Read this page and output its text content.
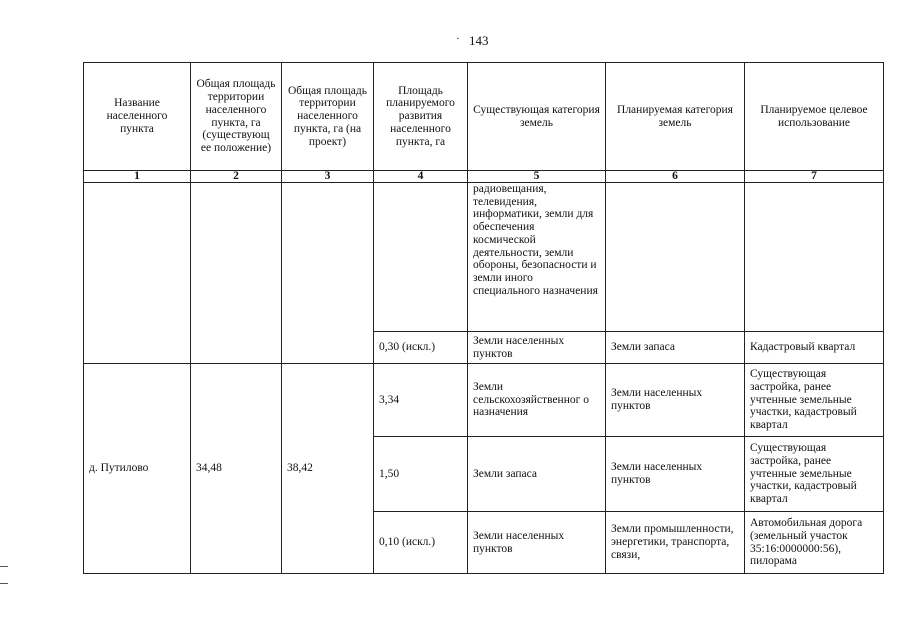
· 143
Название населенного пункта	Общая площадь территории населенного пункта, га (существующ ее положение)	Общая площадь территории населенного пункта, га (на проект)	Площадь планируемого развития населенного пункта, га	Существующая категория земель	Планируемая категория земель	Планируемое целевое использование
1	2	3	4	5	6	7
				радиовещания, телевидения, информатики, земли для обеспечения космической деятельности, земли обороны, безопасности и земли иного специального назначения		
			0,30 (искл.)	Земли населенных пунктов	Земли запаса	Кадастровый квартал
д. Путилово	34,48	38,42	3,34	Земли сельскохозяйственног о назначения	Земли населенных пунктов	Существующая застройка, ранее учтенные земельные участки, кадастровый квартал
			1,50	Земли запаса	Земли населенных пунктов	Существующая застройка, ранее учтенные земельные участки, кадастровый квартал
			0,10 (искл.)	Земли населенных пунктов	Земли промышленности, энергетики, транспорта, связи,	Автомобильная дорога (земельный участок 35:16:0000000:56), пилорама
